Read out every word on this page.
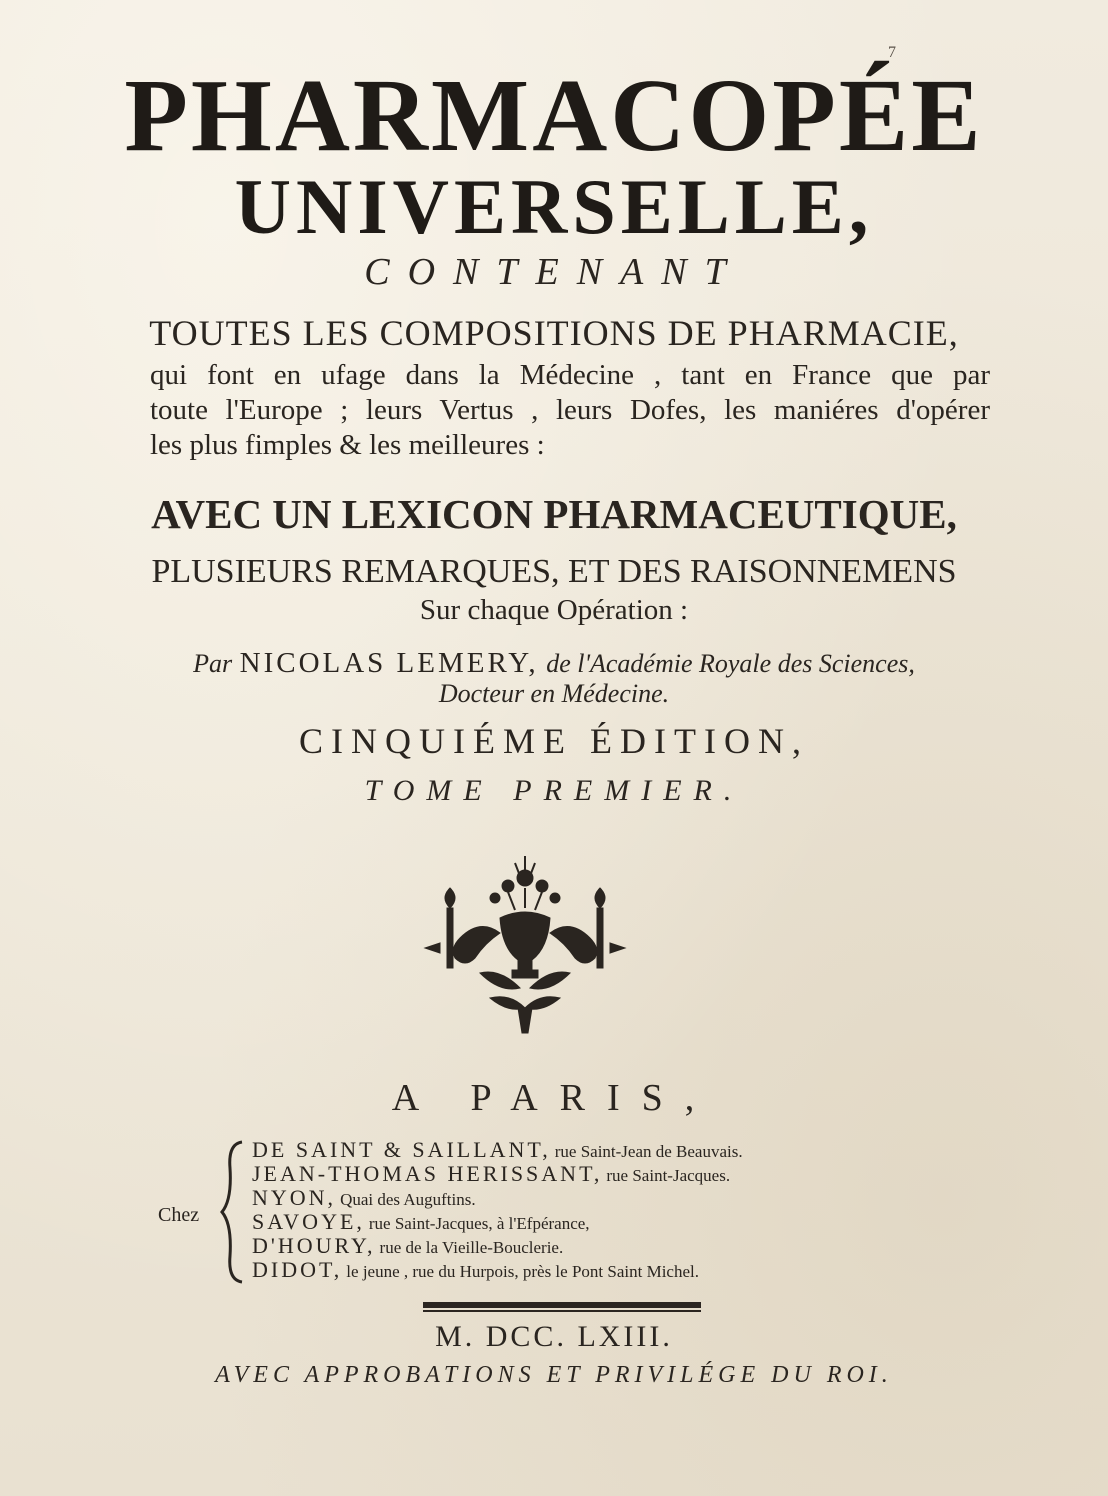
7
PHARMACOPÉE
UNIVERSELLE,
CONTENANT
TOUTES LES COMPOSITIONS DE PHARMACIE,
qui font en ufage dans la Médecine , tant en France que par
toute l'Europe ; leurs Vertus , leurs Dofes, les maniéres d'opérer
les plus fimples & les meilleures :
AVEC UN LEXICON PHARMACEUTIQUE,
PLUSIEURS REMARQUES, ET DES RAISONNEMENS
Sur chaque Opération :
Par NICOLAS LEMERY, de l'Académie Royale des Sciences,
Docteur en Médecine.
CINQUIÉME ÉDITION,
TOME PREMIER.
A PARIS,
Chez
DE SAINT & SAILLANT, rue Saint-Jean de Beauvais.
JEAN-THOMAS HERISSANT, rue Saint-Jacques.
NYON, Quai des Auguftins.
SAVOYE, rue Saint-Jacques, à l'Efpérance,
D'HOURY, rue de la Vieille-Bouclerie.
DIDOT, le jeune , rue du Hurpois, près le Pont Saint Michel.
M. DCC. LXIII.
AVEC APPROBATIONS ET PRIVILÉGE DU ROI.
